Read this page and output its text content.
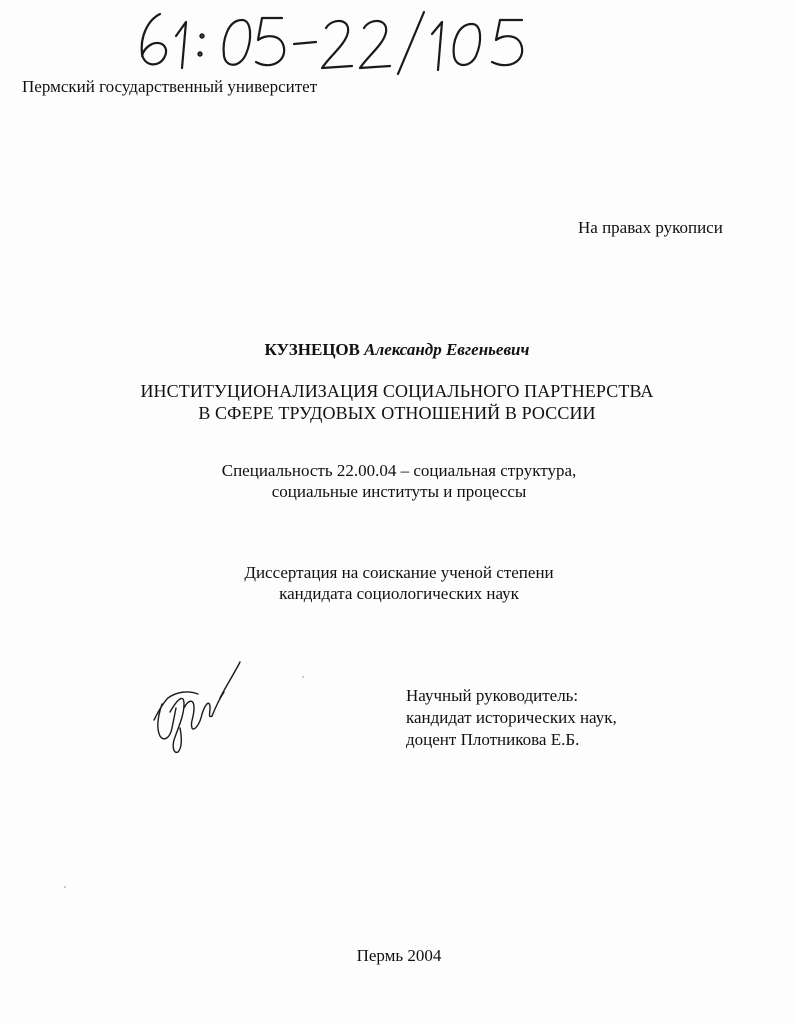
Пермский государственный университет
На правах рукописи
КУЗНЕЦОВ Александр Евгеньевич
ИНСТИТУЦИОНАЛИЗАЦИЯ СОЦИАЛЬНОГО ПАРТНЕРСТВА
В СФЕРЕ ТРУДОВЫХ ОТНОШЕНИЙ В РОССИИ
Специальность 22.00.04 – социальная структура,
социальные институты и процессы
Диссертация на соискание ученой степени
кандидата социологических наук
Научный руководитель:
кандидат исторических наук,
доцент Плотникова Е.Б.
Пермь 2004
